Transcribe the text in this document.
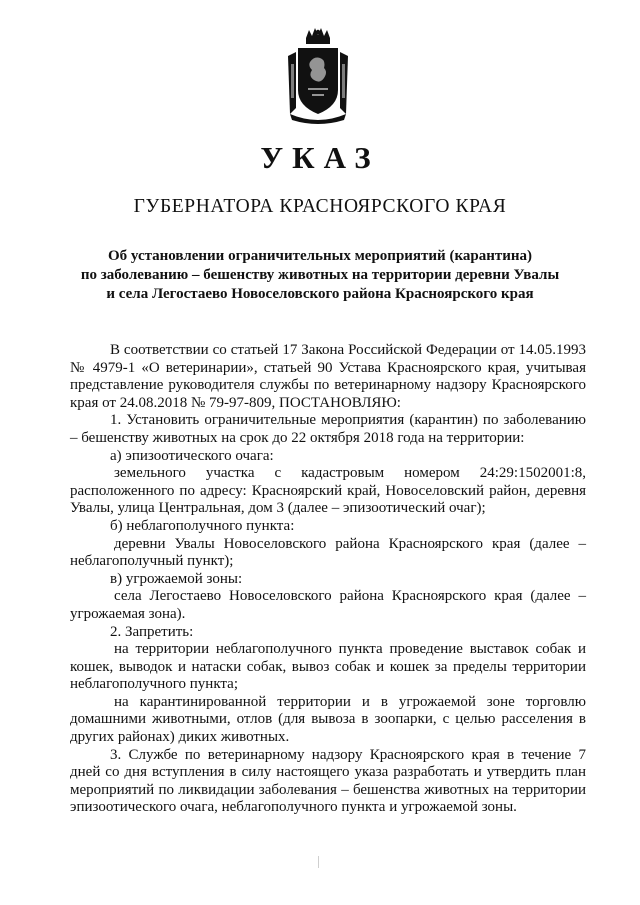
УКАЗ
ГУБЕРНАТОРА КРАСНОЯРСКОГО КРАЯ
Об установлении ограничительных мероприятий (карантина)
по заболеванию – бешенству животных на территории деревни Увалы
и села Легостаево Новоселовского района Красноярского края

В соответствии со статьей 17 Закона Российской Федерации от 14.05.1993 № 4979-1 «О ветеринарии», статьей 90 Устава Красноярского края, учитывая представление руководителя службы по ветеринарному надзору Красноярского края от 24.08.2018 № 79-97-809, ПОСТАНОВЛЯЮ:

1. Установить ограничительные мероприятия (карантин) по заболеванию – бешенству животных на срок до 22 октября 2018 года на территории:

а) эпизоотического очага:

земельного участка с кадастровым номером 24:29:1502001:8, расположенного по адресу: Красноярский край, Новоселовский район, деревня Увалы, улица Центральная, дом 3 (далее – эпизоотический очаг);

б) неблагополучного пункта:

деревни Увалы Новоселовского района Красноярского края (далее – неблагополучный пункт);

в) угрожаемой зоны:

села Легостаево Новоселовского района Красноярского края (далее – угрожаемая зона).

2. Запретить:

на территории неблагополучного пункта проведение выставок собак и кошек, выводок и натаски собак, вывоз собак и кошек за пределы территории неблагополучного пункта;

на карантинированной территории и в угрожаемой зоне торговлю домашними животными, отлов (для вывоза в зоопарки, с целью расселения в других районах) диких животных.

3. Службе по ветеринарному надзору Красноярского края в течение 7 дней со дня вступления в силу настоящего указа разработать и утвердить план мероприятий по ликвидации заболевания – бешенства животных на территории эпизоотического очага, неблагополучного пункта и угрожаемой зоны.
